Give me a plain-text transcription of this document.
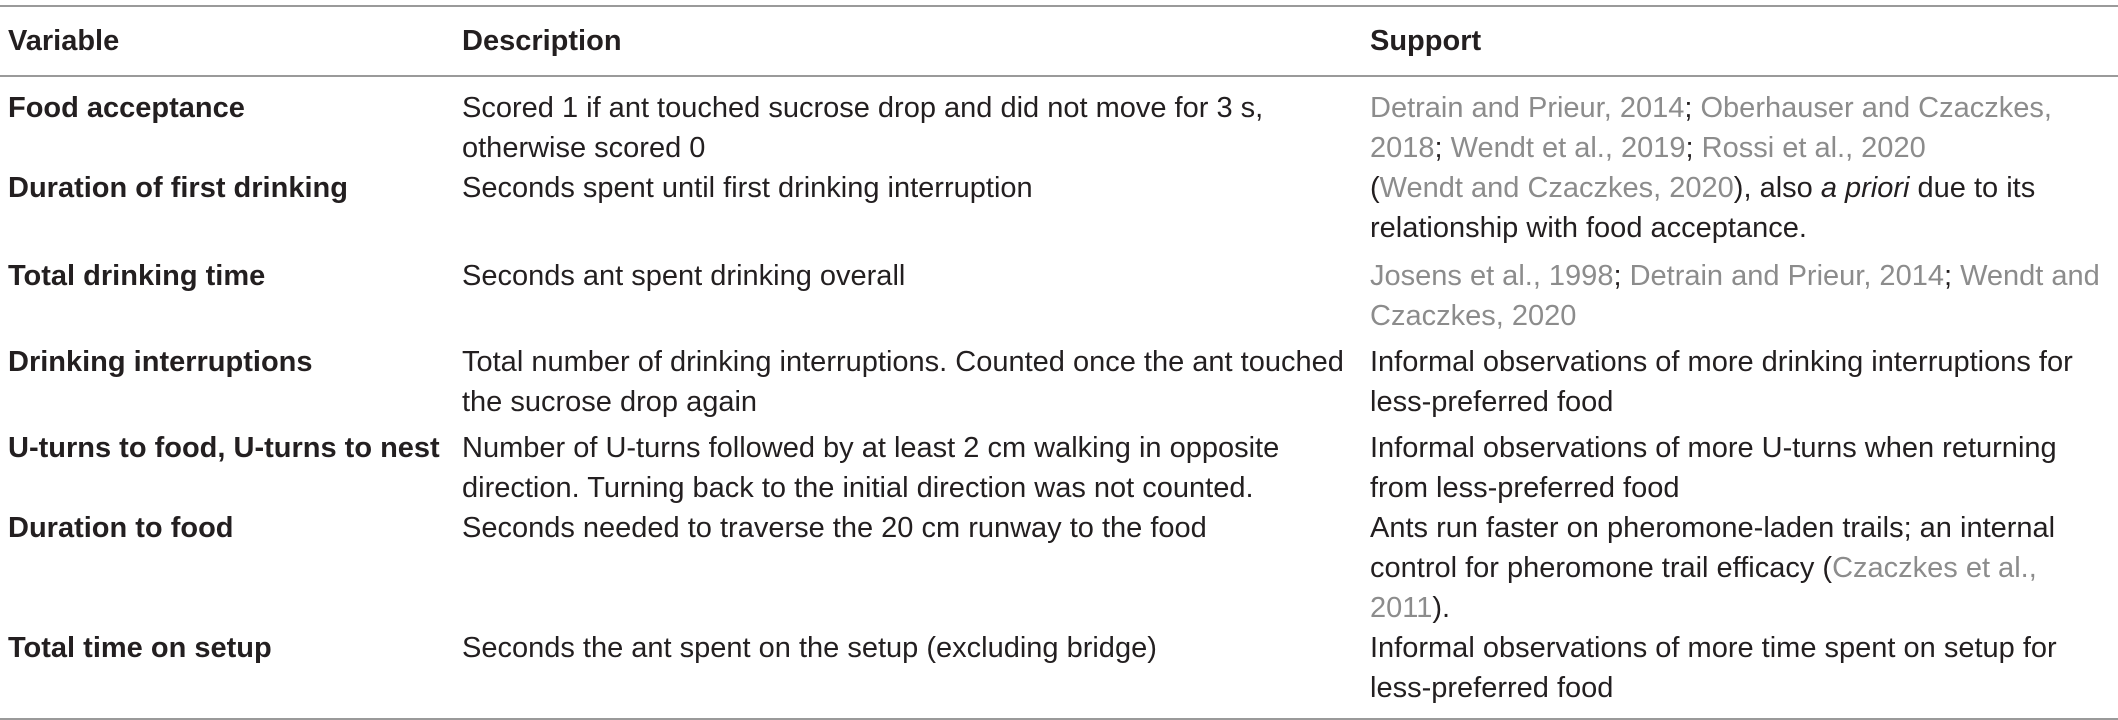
Variable	Description	Support
Food acceptance	Scored 1 if ant touched sucrose drop and did not move for 3 s, otherwise scored 0	Detrain and Prieur, 2014; Oberhauser and Czaczkes, 2018; Wendt et al., 2019; Rossi et al., 2020
Duration of first drinking	Seconds spent until first drinking interruption	(Wendt and Czaczkes, 2020), also a priori due to its relationship with food acceptance.
Total drinking time	Seconds ant spent drinking overall	Josens et al., 1998; Detrain and Prieur, 2014; Wendt and Czaczkes, 2020
Drinking interruptions	Total number of drinking interruptions. Counted once the ant touched the sucrose drop again	Informal observations of more drinking interruptions for less-preferred food
U-turns to food, U-turns to nest	Number of U-turns followed by at least 2 cm walking in opposite direction. Turning back to the initial direction was not counted.	Informal observations of more U-turns when returning from less-preferred food
Duration to food	Seconds needed to traverse the 20 cm runway to the food	Ants run faster on pheromone-laden trails; an internal control for pheromone trail efficacy (Czaczkes et al., 2011).
Total time on setup	Seconds the ant spent on the setup (excluding bridge)	Informal observations of more time spent on setup for less-preferred food
